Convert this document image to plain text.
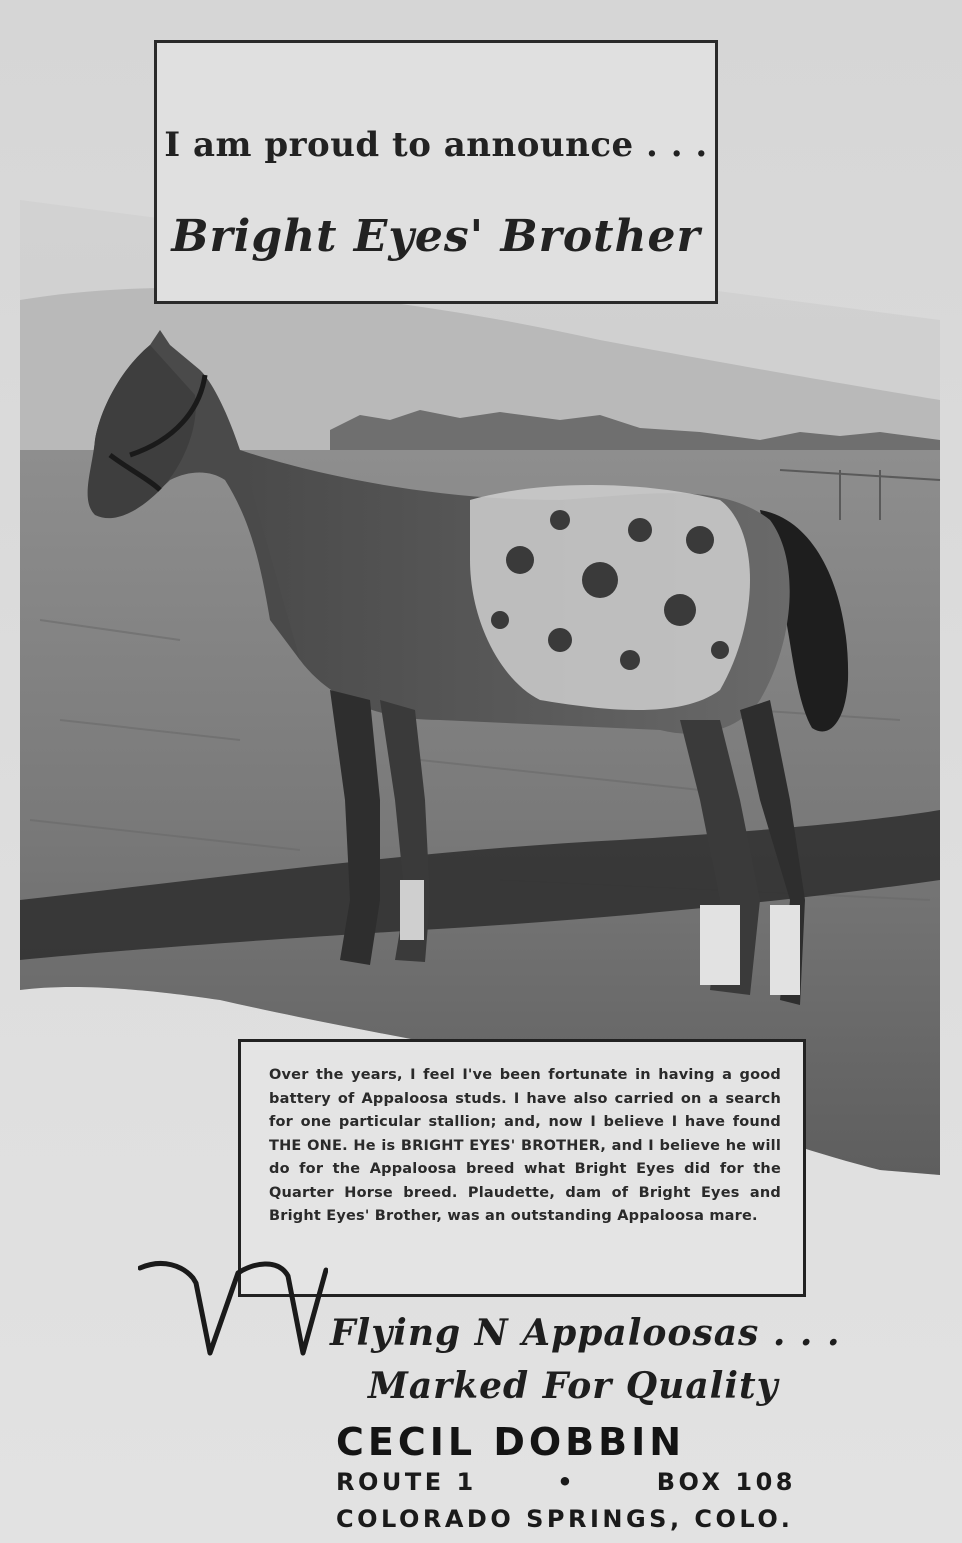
I am proud to announce . . .
Bright Eyes' Brother
Over the years, I feel I've been fortunate in having a good battery of Appaloosa studs. I have also carried on a search for one particular stallion; and, now I believe I have found THE ONE. He is BRIGHT EYES' BROTHER, and I believe he will do for the Appaloosa breed what Bright Eyes did for the Quarter Horse breed. Plaudette, dam of Bright Eyes and Bright Eyes' Brother, was an outstanding Appaloosa mare.
Flying N Appaloosas . . .
Marked For Quality
CECIL DOBBIN
ROUTE 1	•	BOX 108
COLORADO SPRINGS, COLO.
